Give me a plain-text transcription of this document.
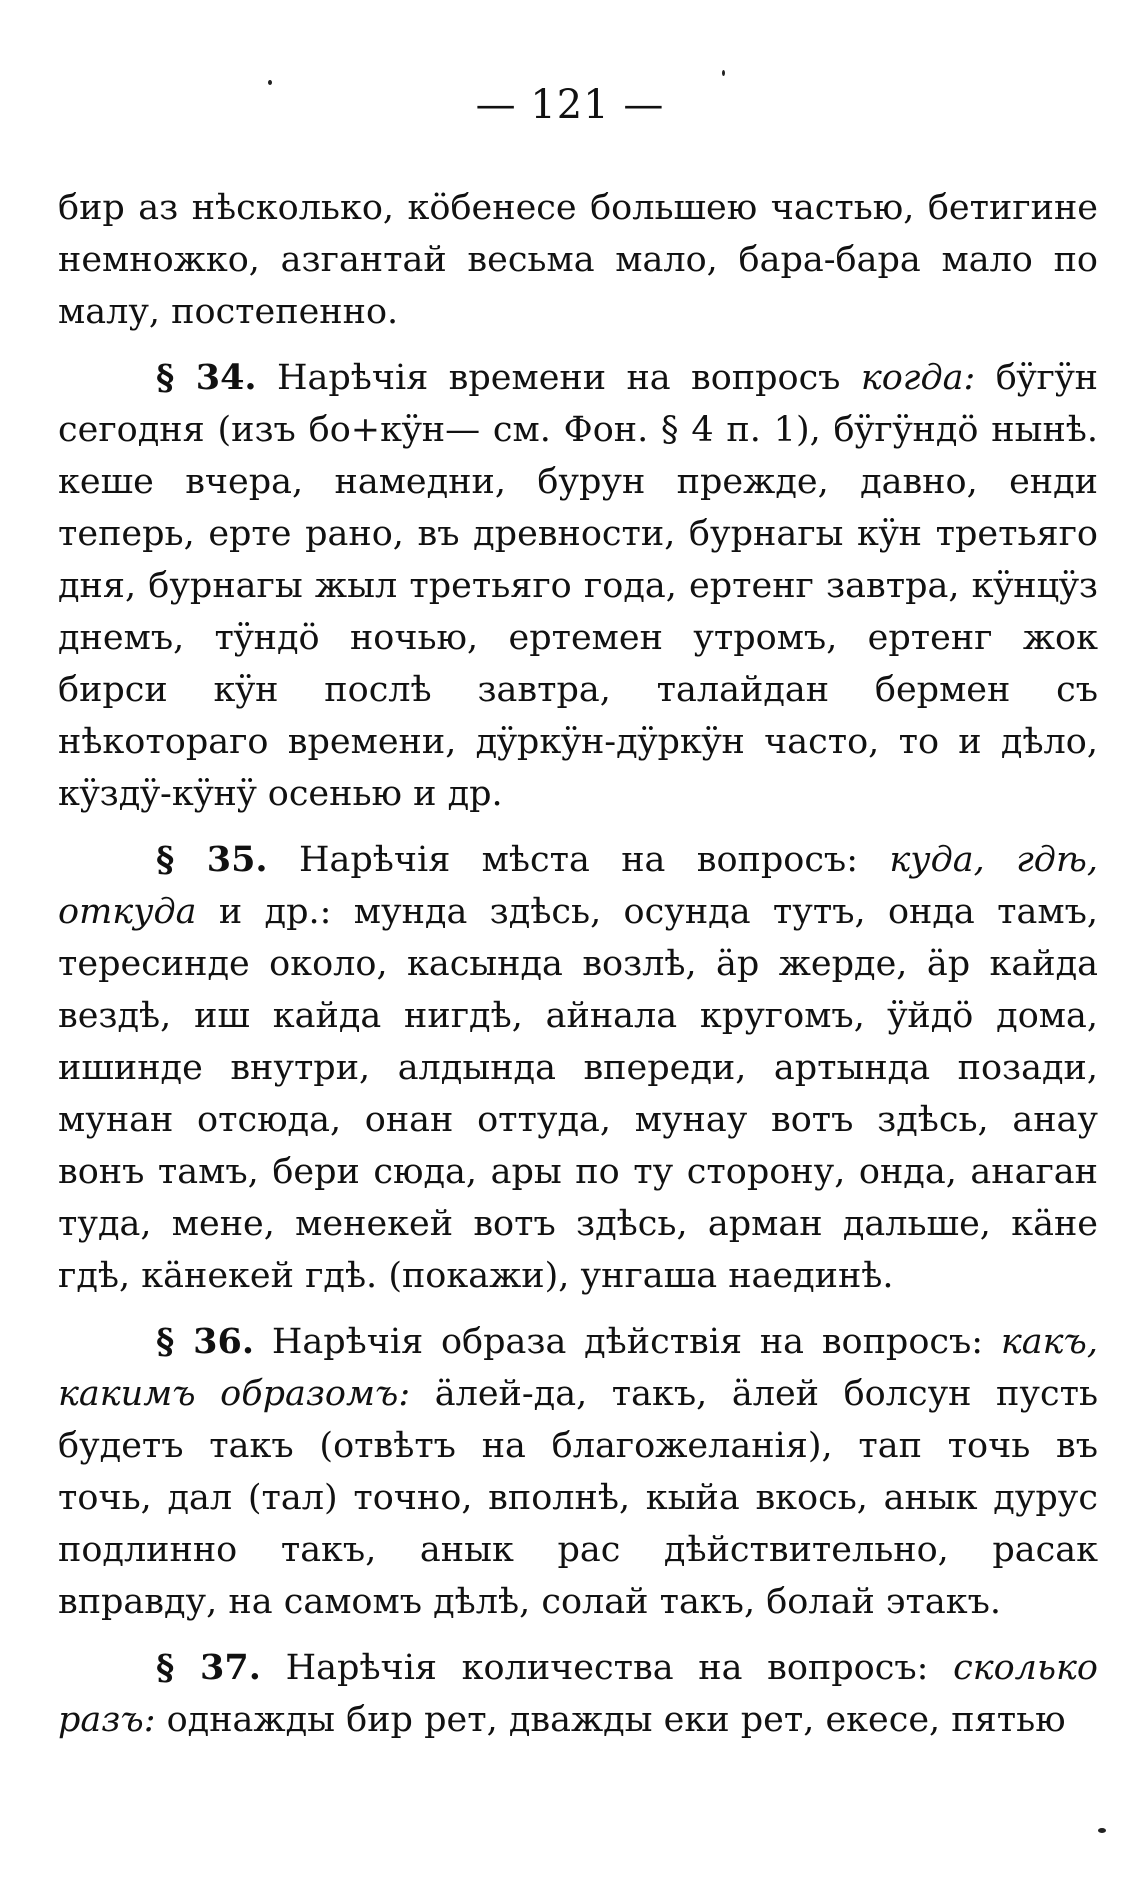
— 121 —

бир аз нѣсколько, кöбенесе большею частью, бетигине немножко, азгантай весьма мало, бара-бара мало по малу, постепенно.

§ 34. Нарѣчія времени на вопросъ когда: бÿгÿн сегодня (изъ бо+кÿн— см. Фон. § 4 п. 1), бÿгÿндö нынѣ. кеше вчера, намедни, бурун прежде, давно, енди теперь, ерте рано, въ древности, бурнагы кÿн третьяго дня, бурнагы жыл третьяго года, ертенг завтра, кÿнцÿз днемъ, тÿндö ночью, ертемен утромъ, ертенг жок бирси кÿн послѣ завтра, талайдан бермен съ нѣкотораго времени, дÿркÿн-дÿркÿн часто, то и дѣло, кÿздÿ-кÿнÿ осенью и др.

§ 35. Нарѣчія мѣста на вопросъ: куда, гдѣ, откуда и др.: мунда здѣсь, осунда тутъ, онда тамъ, тересинде около, касында возлѣ, äр жерде, äр кайда вездѣ, иш кайда нигдѣ, айнала кругомъ, ÿйдö дома, ишинде внутри, алдында впереди, артында позади, мунан отсюда, онан оттуда, мунау вотъ здѣсь, анау вонъ тамъ, бери сюда, ары по ту сторону, онда, анаган туда, мене, менекей вотъ здѣсь, арман дальше, кäне гдѣ, кäнекей гдѣ. (покажи), унгаша наединѣ.

§ 36. Нарѣчія образа дѣйствія на вопросъ: какъ, какимъ образомъ: äлей-да, такъ, äлей болсун пусть будетъ такъ (отвѣтъ на благожеланія), тап точь въ точь, дал (тал) точно, вполнѣ, кыйа вкось, анык дурус подлинно такъ, анык рас дѣйствительно, расак вправду, на самомъ дѣлѣ, солай такъ, болай этакъ.

§ 37. Нарѣчія количества на вопросъ: сколько разъ: однажды бир рет, дважды еки рет, екесе, пятью
